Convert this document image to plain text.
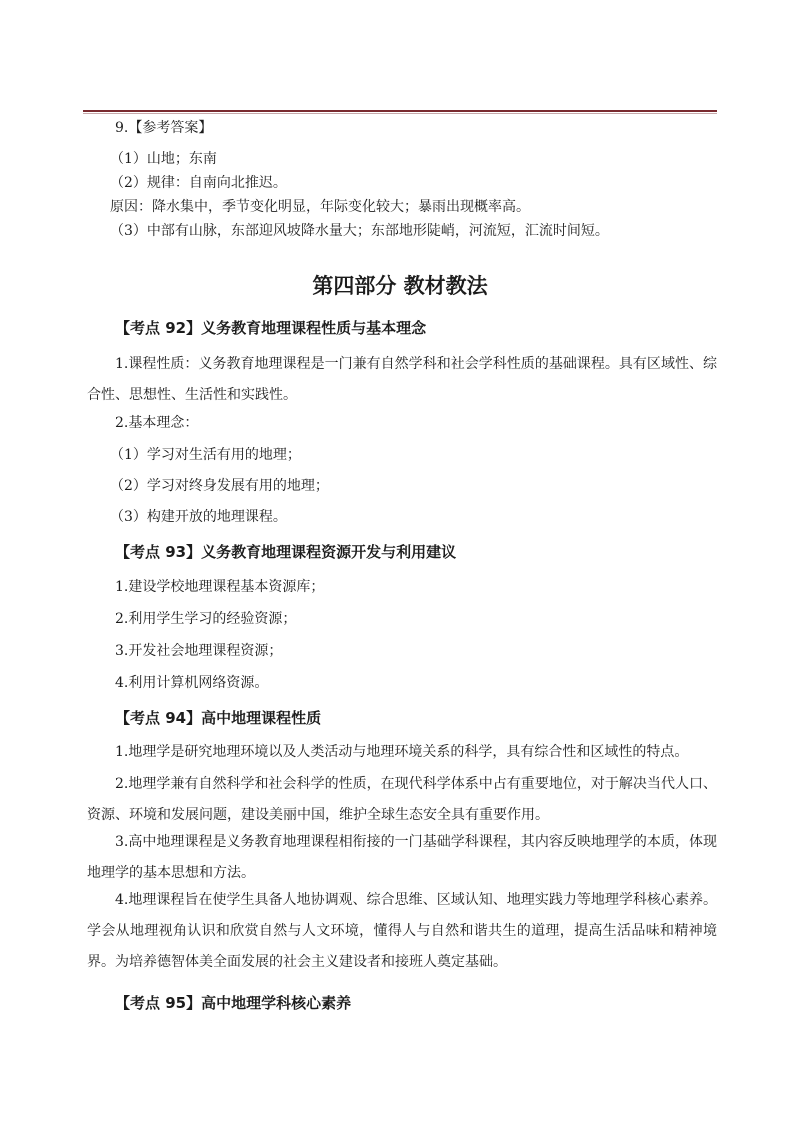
9.【参考答案】
（1）山地；东南
（2）规律：自南向北推迟。
原因：降水集中，季节变化明显，年际变化较大；暴雨出现概率高。
（3）中部有山脉，东部迎风坡降水量大；东部地形陡峭，河流短，汇流时间短。
第四部分 教材教法
【考点 92】义务教育地理课程性质与基本理念
1.课程性质：义务教育地理课程是一门兼有自然学科和社会学科性质的基础课程。具有区域性、综合性、思想性、生活性和实践性。
2.基本理念：
（1）学习对生活有用的地理；
（2）学习对终身发展有用的地理；
（3）构建开放的地理课程。
【考点 93】义务教育地理课程资源开发与利用建议
1.建设学校地理课程基本资源库；
2.利用学生学习的经验资源；
3.开发社会地理课程资源；
4.利用计算机网络资源。
【考点 94】高中地理课程性质
1.地理学是研究地理环境以及人类活动与地理环境关系的科学，具有综合性和区域性的特点。
2.地理学兼有自然科学和社会科学的性质，在现代科学体系中占有重要地位，对于解决当代人口、资源、环境和发展问题，建设美丽中国，维护全球生态安全具有重要作用。
3.高中地理课程是义务教育地理课程相衔接的一门基础学科课程，其内容反映地理学的本质，体现地理学的基本思想和方法。
4.地理课程旨在使学生具备人地协调观、综合思维、区域认知、地理实践力等地理学科核心素养。学会从地理视角认识和欣赏自然与人文环境，懂得人与自然和谐共生的道理，提高生活品味和精神境界。为培养德智体美全面发展的社会主义建设者和接班人奠定基础。
【考点 95】高中地理学科核心素养
